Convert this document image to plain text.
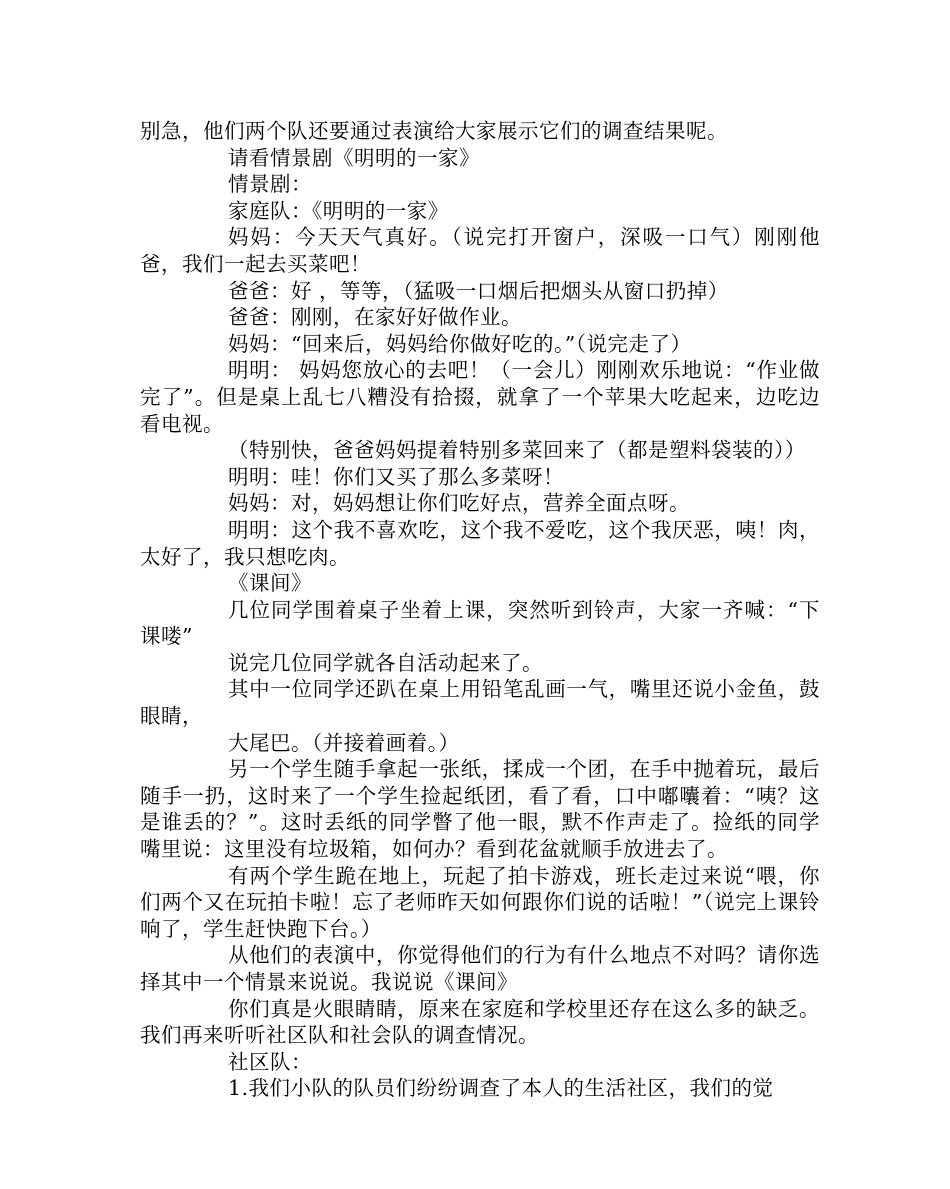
别急，他们两个队还要通过表演给大家展示它们的调查结果呢。

请看情景剧《明明的一家》

情景剧：

家庭队：《明明的一家》

妈妈：今天天气真好。（说完打开窗户，深吸一口气）刚刚他爸，我们一起去买菜吧！

爸爸：好 ，等等，（猛吸一口烟后把烟头从窗口扔掉）

爸爸：刚刚，在家好好做作业。

妈妈：“回来后，妈妈给你做好吃的。”（说完走了）

明明： 妈妈您放心的去吧！（一会儿）刚刚欢乐地说：“作业做完了”。但是桌上乱七八糟没有拾掇，就拿了一个苹果大吃起来，边吃边看电视。

（特别快，爸爸妈妈提着特别多菜回来了（都是塑料袋装的））

明明：哇！你们又买了那么多菜呀！

妈妈：对，妈妈想让你们吃好点，营养全面点呀。

明明：这个我不喜欢吃，这个我不爱吃，这个我厌恶，咦！肉，太好了，我只想吃肉。

《课间》

几位同学围着桌子坐着上课，突然听到铃声，大家一齐喊：“下课喽”

说完几位同学就各自活动起来了。

其中一位同学还趴在桌上用铅笔乱画一气，嘴里还说小金鱼，鼓眼睛，

大尾巴。（并接着画着。）

另一个学生随手拿起一张纸，揉成一个团，在手中抛着玩，最后随手一扔，这时来了一个学生捡起纸团，看了看，口中嘟囔着：“咦？这是谁丢的？”。这时丢纸的同学瞥了他一眼，默不作声走了。捡纸的同学嘴里说：这里没有垃圾箱，如何办？看到花盆就顺手放进去了。

有两个学生跪在地上，玩起了拍卡游戏，班长走过来说“喂，你们两个又在玩拍卡啦！忘了老师昨天如何跟你们说的话啦！”（说完上课铃响了，学生赶快跑下台。）

从他们的表演中，你觉得他们的行为有什么地点不对吗？请你选择其中一个情景来说说。我说说《课间》

你们真是火眼睛睛，原来在家庭和学校里还存在这么多的缺乏。我们再来听听社区队和社会队的调查情况。

社区队：

1.我们小队的队员们纷纷调查了本人的生活社区，我们的觉
